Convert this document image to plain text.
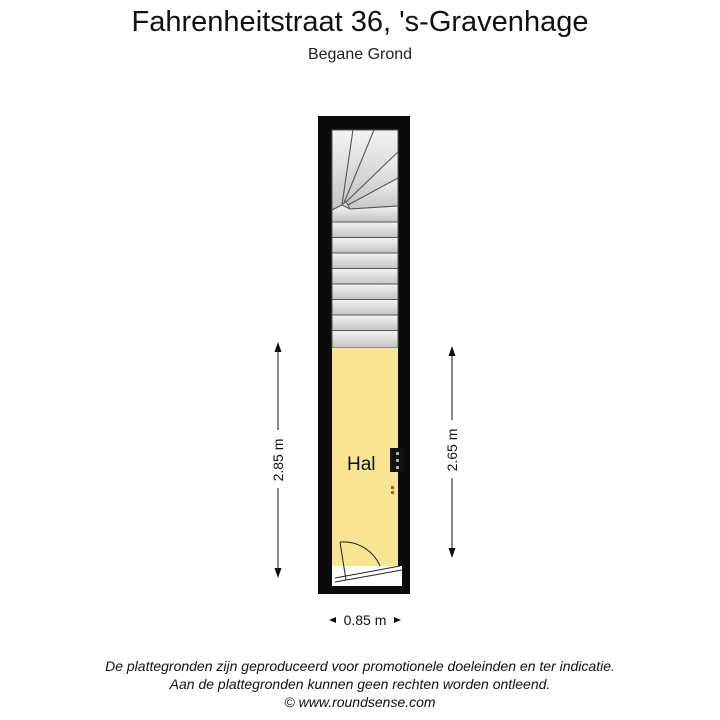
Fahrenheitstraat 36, 's-Gravenhage
Begane Grond
Hal
2.85 m	2.65 m
0.85 m
De plattegronden zijn geproduceerd voor promotionele doeleinden en ter indicatie.
Aan de plattegronden kunnen geen rechten worden ontleend.
© www.roundsense.com
